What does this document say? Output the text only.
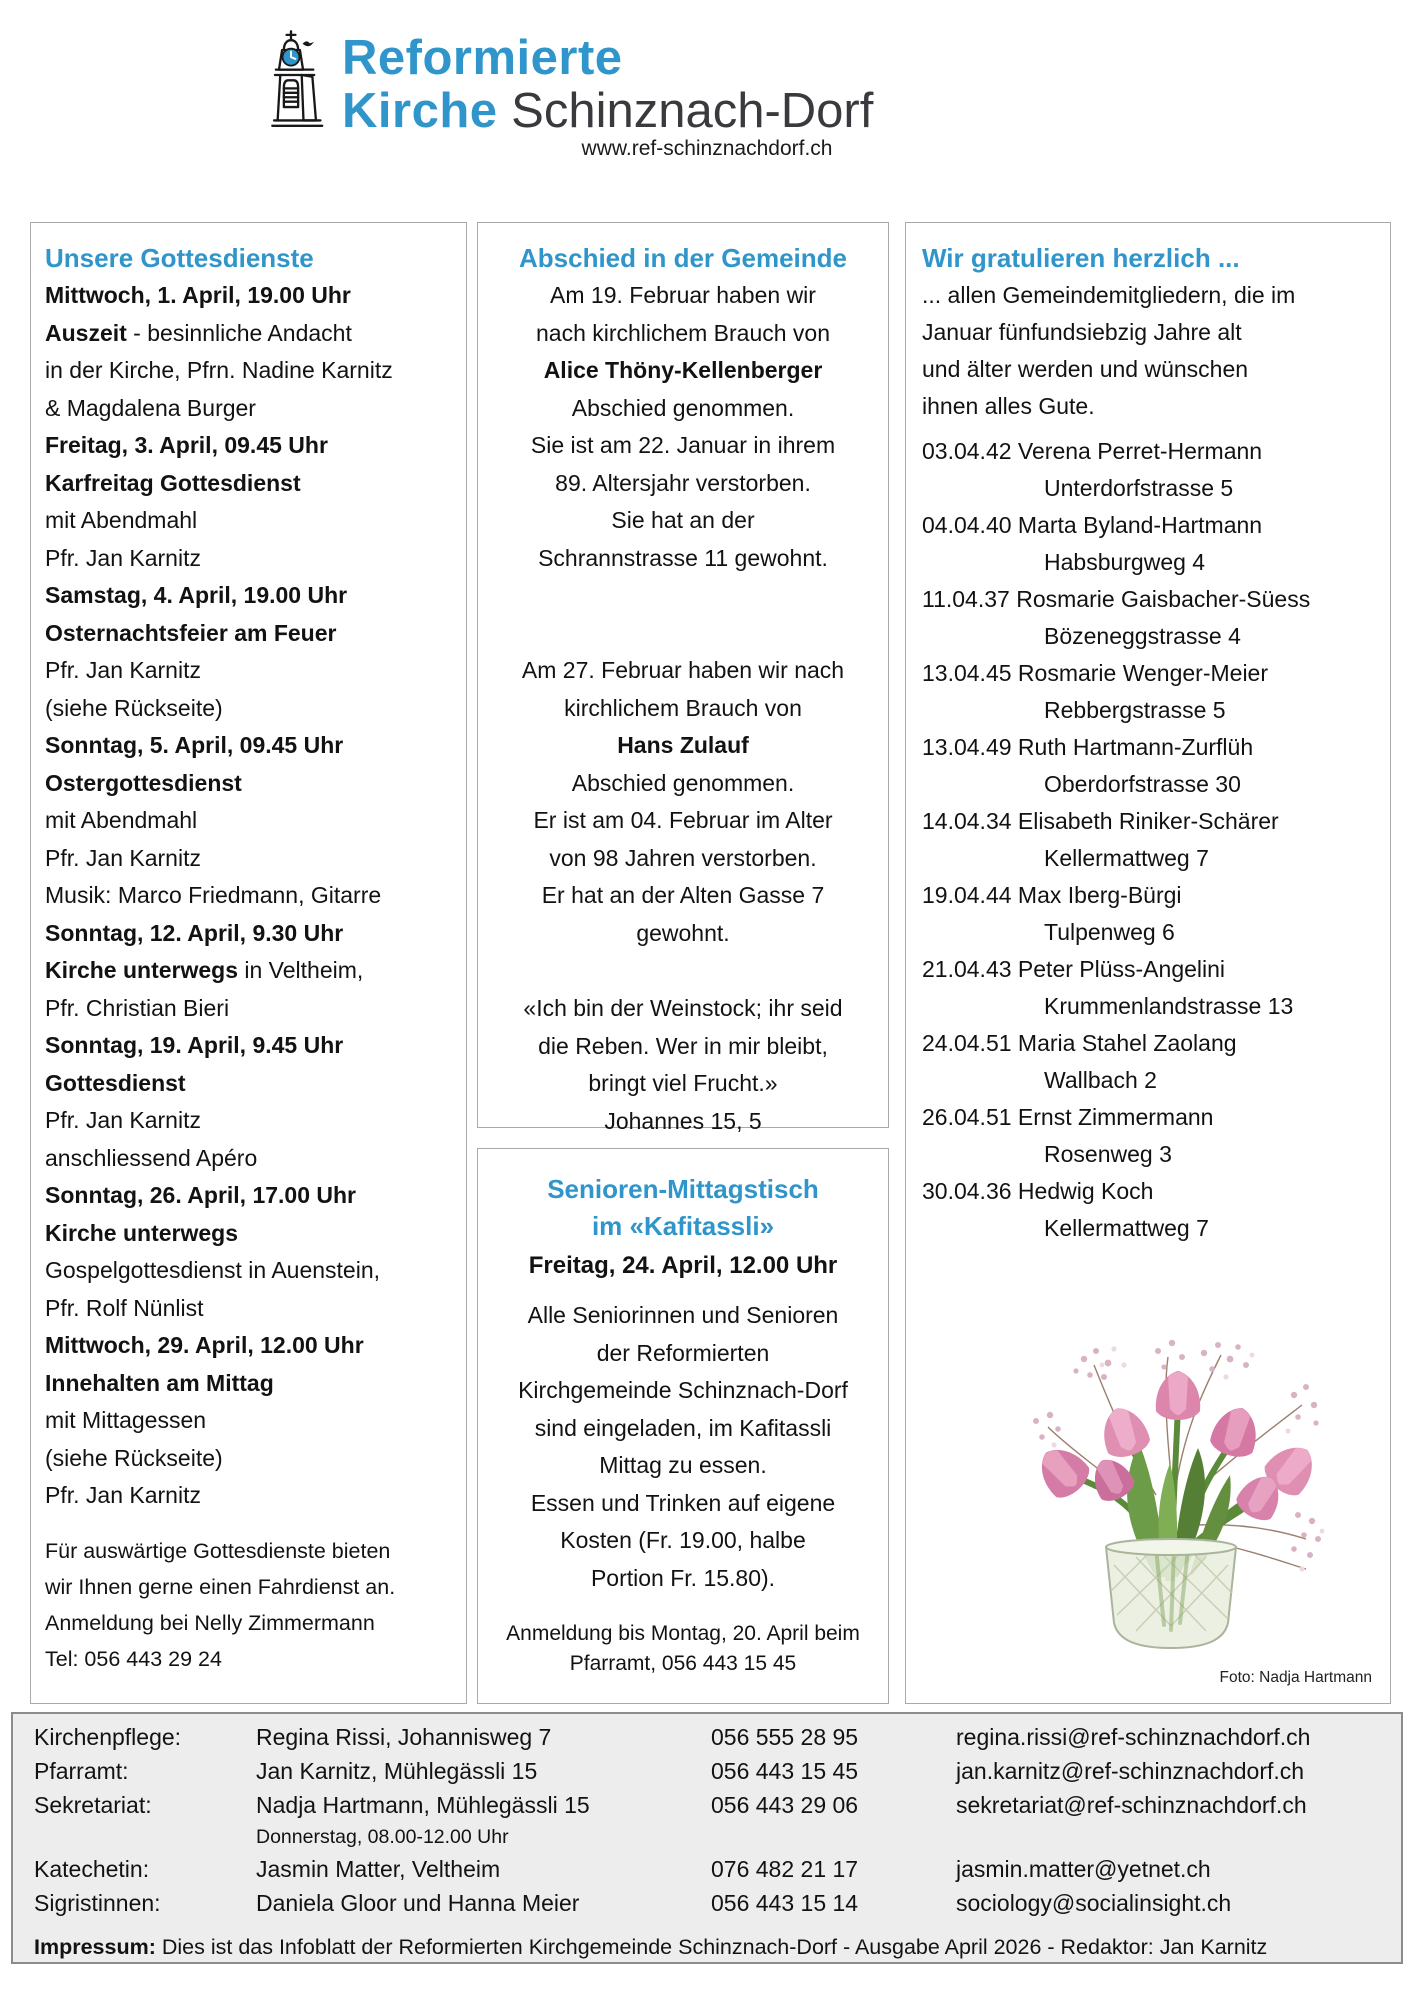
Reformierte
Kirche Schinznach-Dorf
www.ref-schinznachdorf.ch
Unsere Gottesdienste
Mittwoch, 1. April, 19.00 Uhr
Auszeit - besinnliche Andacht
in der Kirche, Pfrn. Nadine Karnitz
& Magdalena Burger
Freitag, 3. April, 09.45 Uhr
Karfreitag Gottesdienst
mit Abendmahl
Pfr. Jan Karnitz
Samstag, 4. April, 19.00 Uhr
Osternachtsfeier am Feuer
Pfr. Jan Karnitz
(siehe Rückseite)
Sonntag, 5. April, 09.45 Uhr
Ostergottesdienst
mit Abendmahl
Pfr. Jan Karnitz
Musik: Marco Friedmann, Gitarre
Sonntag, 12. April, 9.30 Uhr
Kirche unterwegs in Veltheim,
Pfr. Christian Bieri
Sonntag, 19. April, 9.45 Uhr
Gottesdienst
Pfr. Jan Karnitz
anschliessend Apéro
Sonntag, 26. April, 17.00 Uhr
Kirche unterwegs
Gospelgottesdienst in Auenstein,
Pfr. Rolf Nünlist
Mittwoch, 29. April, 12.00 Uhr
Innehalten am Mittag
mit Mittagessen
(siehe Rückseite)
Pfr. Jan Karnitz
Für auswärtige Gottesdienste bieten
wir Ihnen gerne einen Fahrdienst an.
Anmeldung bei Nelly Zimmermann
Tel: 056 443 29 24
Abschied in der Gemeinde
Am 19. Februar haben wir
nach kirchlichem Brauch von
Alice Thöny-Kellenberger
Abschied genommen.
Sie ist am 22. Januar in ihrem
89. Altersjahr verstorben.
Sie hat an der
Schrannstrasse 11 gewohnt.
Am 27. Februar haben wir nach
kirchlichem Brauch von
Hans Zulauf
Abschied genommen.
Er ist am 04. Februar im Alter
von 98 Jahren verstorben.
Er hat an der Alten Gasse 7
gewohnt.
«Ich bin der Weinstock; ihr seid
die Reben. Wer in mir bleibt,
bringt viel Frucht.»
Johannes 15, 5
Senioren-Mittagstisch
im «Kafitassli»
Freitag, 24. April, 12.00 Uhr
Alle Seniorinnen und Senioren
der Reformierten
Kirchgemeinde Schinznach-Dorf
sind eingeladen, im Kafitassli
Mittag zu essen.
Essen und Trinken auf eigene
Kosten (Fr. 19.00, halbe
Portion Fr. 15.80).
Anmeldung bis Montag, 20. April beim
Pfarramt, 056 443 15 45
Wir gratulieren herzlich ...
... allen Gemeindemitgliedern, die im
Januar fünfundsiebzig Jahre alt
und älter werden und wünschen
ihnen alles Gute.
03.04.42 Verena Perret-Hermann
Unterdorfstrasse 5
04.04.40 Marta Byland-Hartmann
Habsburgweg 4
11.04.37 Rosmarie Gaisbacher-Süess
Bözeneggstrasse 4
13.04.45 Rosmarie Wenger-Meier
Rebbergstrasse 5
13.04.49 Ruth Hartmann-Zurflüh
Oberdorfstrasse 30
14.04.34 Elisabeth Riniker-Schärer
Kellermattweg 7
19.04.44 Max Iberg-Bürgi
Tulpenweg 6
21.04.43 Peter Plüss-Angelini
Krummenlandstrasse 13
24.04.51 Maria Stahel Zaolang
Wallbach 2
26.04.51 Ernst Zimmermann
Rosenweg 3
30.04.36 Hedwig Koch
Kellermattweg 7
Foto: Nadja Hartmann
Kirchenpflege:	Regina Rissi, Johannisweg 7	056 555 28 95	regina.rissi@ref-schinznachdorf.ch
Pfarramt:	Jan Karnitz, Mühlegässli 15	056 443 15 45	jan.karnitz@ref-schinznachdorf.ch
Sekretariat:	Nadja Hartmann, Mühlegässli 15	056 443 29 06	sekretariat@ref-schinznachdorf.ch
Donnerstag, 08.00-12.00 Uhr
Katechetin:	Jasmin Matter, Veltheim	076 482 21 17	jasmin.matter@yetnet.ch
Sigristinnen:	Daniela Gloor und Hanna Meier	056 443 15 14	sociology@socialinsight.ch
Impressum: Dies ist das Infoblatt der Reformierten Kirchgemeinde Schinznach-Dorf - Ausgabe April 2026 - Redaktor: Jan Karnitz
